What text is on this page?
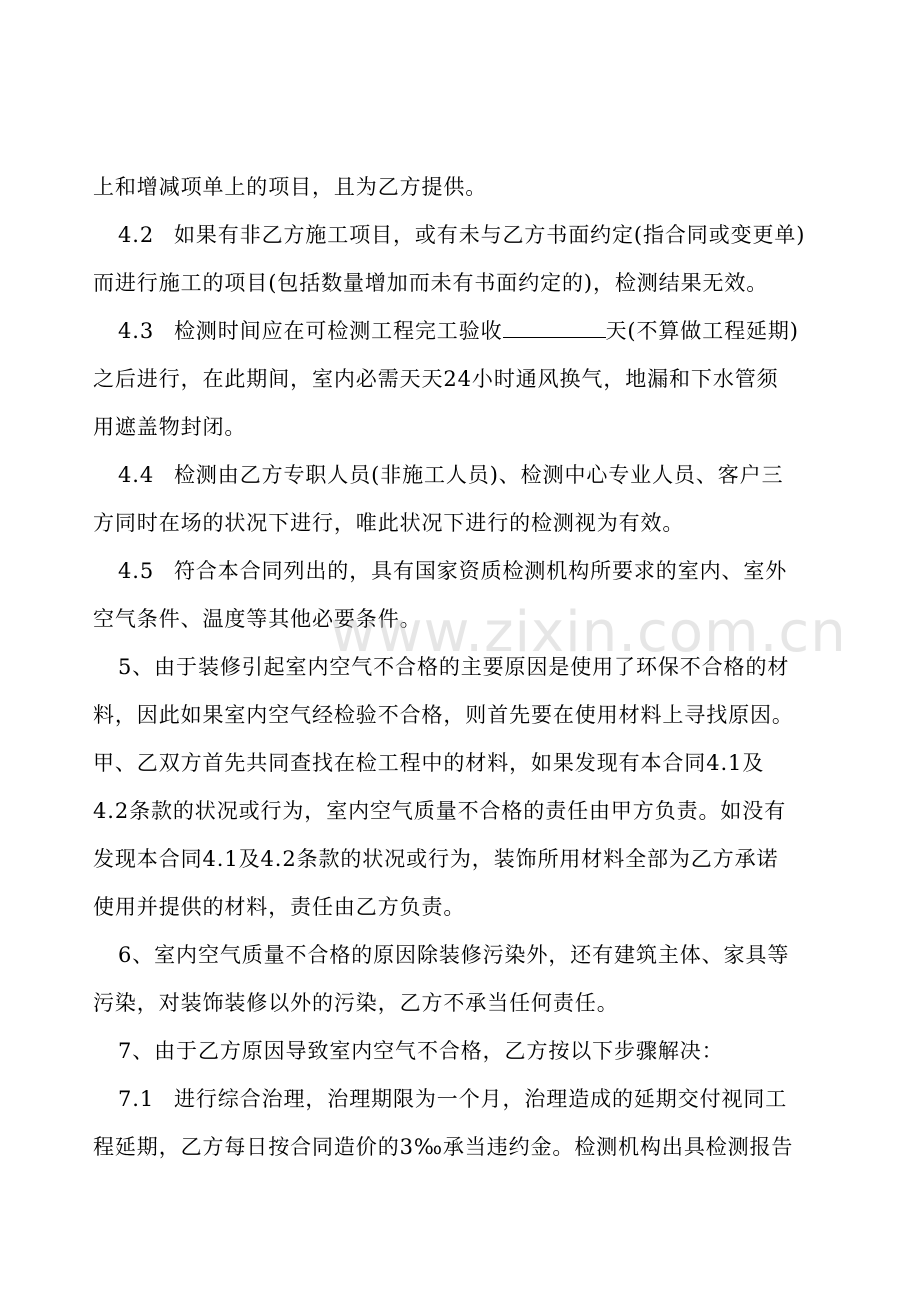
上和增减项单上的项目，且为乙方提供。
4.2 如果有非乙方施工项目，或有未与乙方书面约定(指合同或变更单)
而进行施工的项目(包括数量增加而未有书面约定的)，检测结果无效。
4.3 检测时间应在可检测工程完工验收	天(不算做工程延期)
之后进行，在此期间，室内必需天天24小时通风换气，地漏和下水管须
用遮盖物封闭。
4.4 检测由乙方专职人员(非施工人员)、检测中心专业人员、客户三
方同时在场的状况下进行，唯此状况下进行的检测视为有效。
4.5 符合本合同列出的，具有国家资质检测机构所要求的室内、室外
空气条件、温度等其他必要条件。
5、由于装修引起室内空气不合格的主要原因是使用了环保不合格的材
料，因此如果室内空气经检验不合格，则首先要在使用材料上寻找原因。
甲、乙双方首先共同查找在检工程中的材料，如果发现有本合同4.1及
4.2条款的状况或行为，室内空气质量不合格的责任由甲方负责。如没有
发现本合同4.1及4.2条款的状况或行为，装饰所用材料全部为乙方承诺
使用并提供的材料，责任由乙方负责。
6、室内空气质量不合格的原因除装修污染外，还有建筑主体、家具等
污染，对装饰装修以外的污染，乙方不承当任何责任。
7、由于乙方原因导致室内空气不合格，乙方按以下步骤解决：
7.1 进行综合治理，治理期限为一个月，治理造成的延期交付视同工
程延期，乙方每日按合同造价的3‰承当违约金。检测机构出具检测报告
www.zixin.com.cn
